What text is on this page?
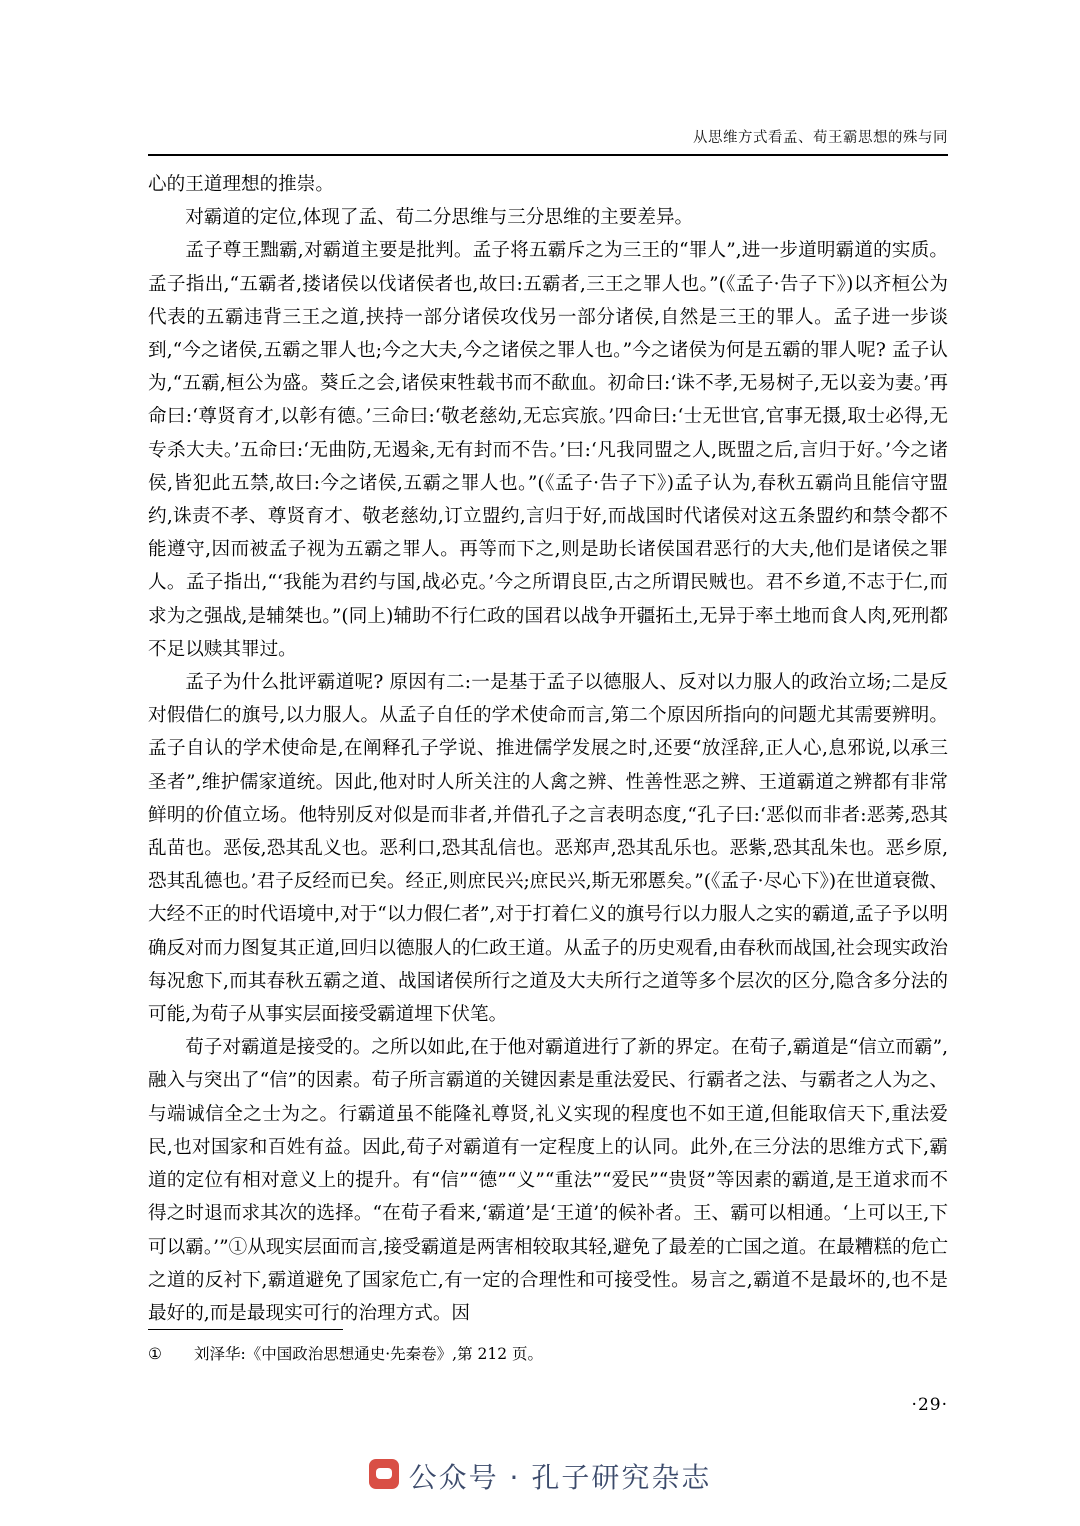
从思维方式看孟、荀王霸思想的殊与同

心的王道理想的推崇。

对霸道的定位,体现了孟、荀二分思维与三分思维的主要差异。

孟子尊王黜霸,对霸道主要是批判。孟子将五霸斥之为三王的“罪人”,进一步道明霸道的实质。孟子指出,“五霸者,搂诸侯以伐诸侯者也,故曰:五霸者,三王之罪人也。”(《孟子·告子下》)以齐桓公为代表的五霸违背三王之道,挟持一部分诸侯攻伐另一部分诸侯,自然是三王的罪人。孟子进一步谈到,“今之诸侯,五霸之罪人也;今之大夫,今之诸侯之罪人也。”今之诸侯为何是五霸的罪人呢? 孟子认为,“五霸,桓公为盛。葵丘之会,诸侯束牲载书而不歃血。初命曰:‘诛不孝,无易树子,无以妾为妻。’再命曰:‘尊贤育才,以彰有德。’三命曰:‘敬老慈幼,无忘宾旅。’四命曰:‘士无世官,官事无摄,取士必得,无专杀大夫。’五命曰:‘无曲防,无遏籴,无有封而不告。’曰:‘凡我同盟之人,既盟之后,言归于好。’今之诸侯,皆犯此五禁,故曰:今之诸侯,五霸之罪人也。”(《孟子·告子下》)孟子认为,春秋五霸尚且能信守盟约,诛责不孝、尊贤育才、敬老慈幼,订立盟约,言归于好,而战国时代诸侯对这五条盟约和禁令都不能遵守,因而被孟子视为五霸之罪人。再等而下之,则是助长诸侯国君恶行的大夫,他们是诸侯之罪人。孟子指出,“‘我能为君约与国,战必克。’今之所谓良臣,古之所谓民贼也。君不乡道,不志于仁,而求为之强战,是辅桀也。”(同上)辅助不行仁政的国君以战争开疆拓土,无异于率土地而食人肉,死刑都不足以赎其罪过。

孟子为什么批评霸道呢? 原因有二:一是基于孟子以德服人、反对以力服人的政治立场;二是反对假借仁的旗号,以力服人。从孟子自任的学术使命而言,第二个原因所指向的问题尤其需要辨明。孟子自认的学术使命是,在阐释孔子学说、推进儒学发展之时,还要“放淫辞,正人心,息邪说,以承三圣者”,维护儒家道统。因此,他对时人所关注的人禽之辨、性善性恶之辨、王道霸道之辨都有非常鲜明的价值立场。他特别反对似是而非者,并借孔子之言表明态度,“孔子曰:‘恶似而非者:恶莠,恐其乱苗也。恶佞,恐其乱义也。恶利口,恐其乱信也。恶郑声,恐其乱乐也。恶紫,恐其乱朱也。恶乡原,恐其乱德也。’君子反经而已矣。经正,则庶民兴;庶民兴,斯无邪慝矣。”(《孟子·尽心下》)在世道衰微、大经不正的时代语境中,对于“以力假仁者”,对于打着仁义的旗号行以力服人之实的霸道,孟子予以明确反对而力图复其正道,回归以德服人的仁政王道。从孟子的历史观看,由春秋而战国,社会现实政治每况愈下,而其春秋五霸之道、战国诸侯所行之道及大夫所行之道等多个层次的区分,隐含多分法的可能,为荀子从事实层面接受霸道埋下伏笔。

荀子对霸道是接受的。之所以如此,在于他对霸道进行了新的界定。在荀子,霸道是“信立而霸”,融入与突出了“信”的因素。荀子所言霸道的关键因素是重法爱民、行霸者之法、与霸者之人为之、与端诚信全之士为之。行霸道虽不能隆礼尊贤,礼义实现的程度也不如王道,但能取信天下,重法爱民,也对国家和百姓有益。因此,荀子对霸道有一定程度上的认同。此外,在三分法的思维方式下,霸道的定位有相对意义上的提升。有“信”“德”“义”“重法”“爱民”“贵贤”等因素的霸道,是王道求而不得之时退而求其次的选择。“在荀子看来,‘霸道’是‘王道’的候补者。王、霸可以相通。‘上可以王,下可以霸。’”①从现实层面而言,接受霸道是两害相较取其轻,避免了最差的亡国之道。在最糟糕的危亡之道的反衬下,霸道避免了国家危亡,有一定的合理性和可接受性。易言之,霸道不是最坏的,也不是最好的,而是最现实可行的治理方式。因

① 刘泽华:《中国政治思想通史·先秦卷》,第 212 页。
·29·
公众号 · 孔子研究杂志
